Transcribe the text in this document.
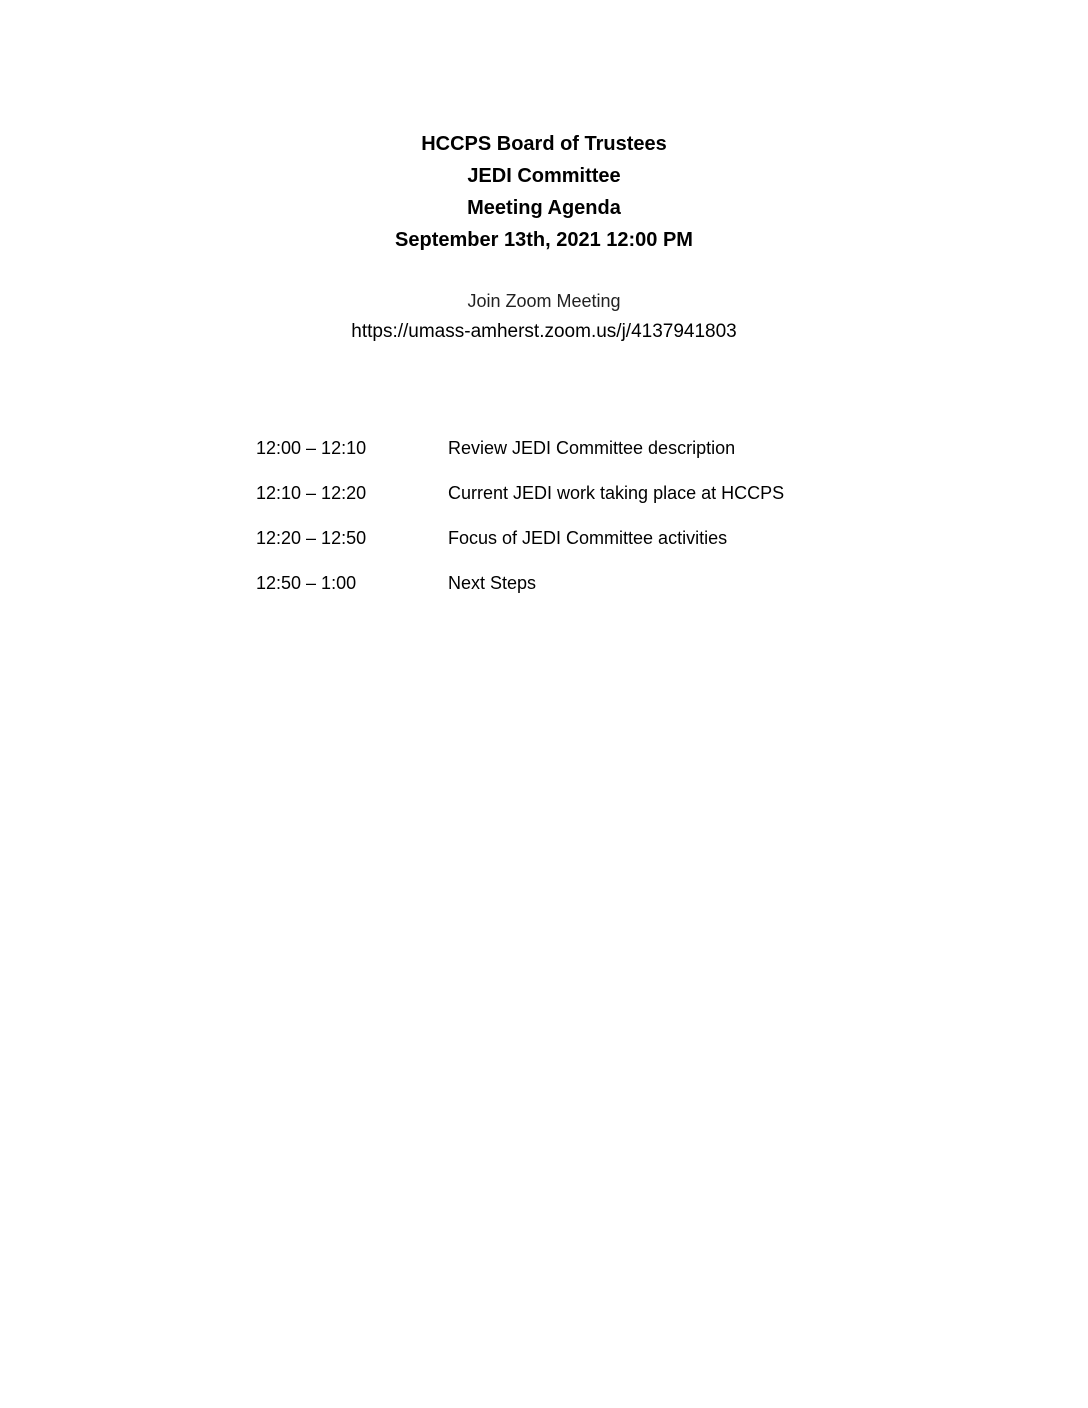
HCCPS Board of Trustees
JEDI Committee
Meeting Agenda
September 13th, 2021 12:00 PM
Join Zoom Meeting
https://umass-amherst.zoom.us/j/4137941803
12:00 – 12:10	Review JEDI Committee description
12:10 – 12:20	Current JEDI work taking place at HCCPS
12:20 – 12:50	Focus of JEDI Committee activities
12:50 – 1:00	Next Steps
